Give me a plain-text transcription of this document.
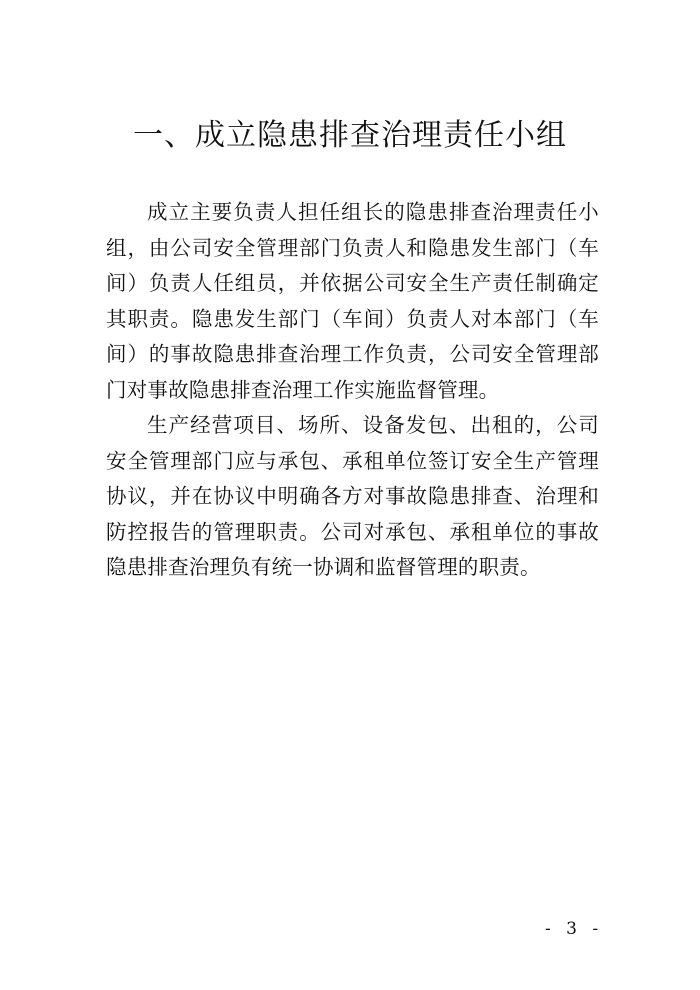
一、成立隐患排查治理责任小组

成立主要负责人担任组长的隐患排查治理责任小组，由公司安全管理部门负责人和隐患发生部门（车间）负责人任组员，并依据公司安全生产责任制确定其职责。隐患发生部门（车间）负责人对本部门（车间）的事故隐患排查治理工作负责，公司安全管理部门对事故隐患排查治理工作实施监督管理。

生产经营项目、场所、设备发包、出租的，公司安全管理部门应与承包、承租单位签订安全生产管理协议，并在协议中明确各方对事故隐患排查、治理和防控报告的管理职责。公司对承包、承租单位的事故隐患排查治理负有统一协调和监督管理的职责。

- 3 -
